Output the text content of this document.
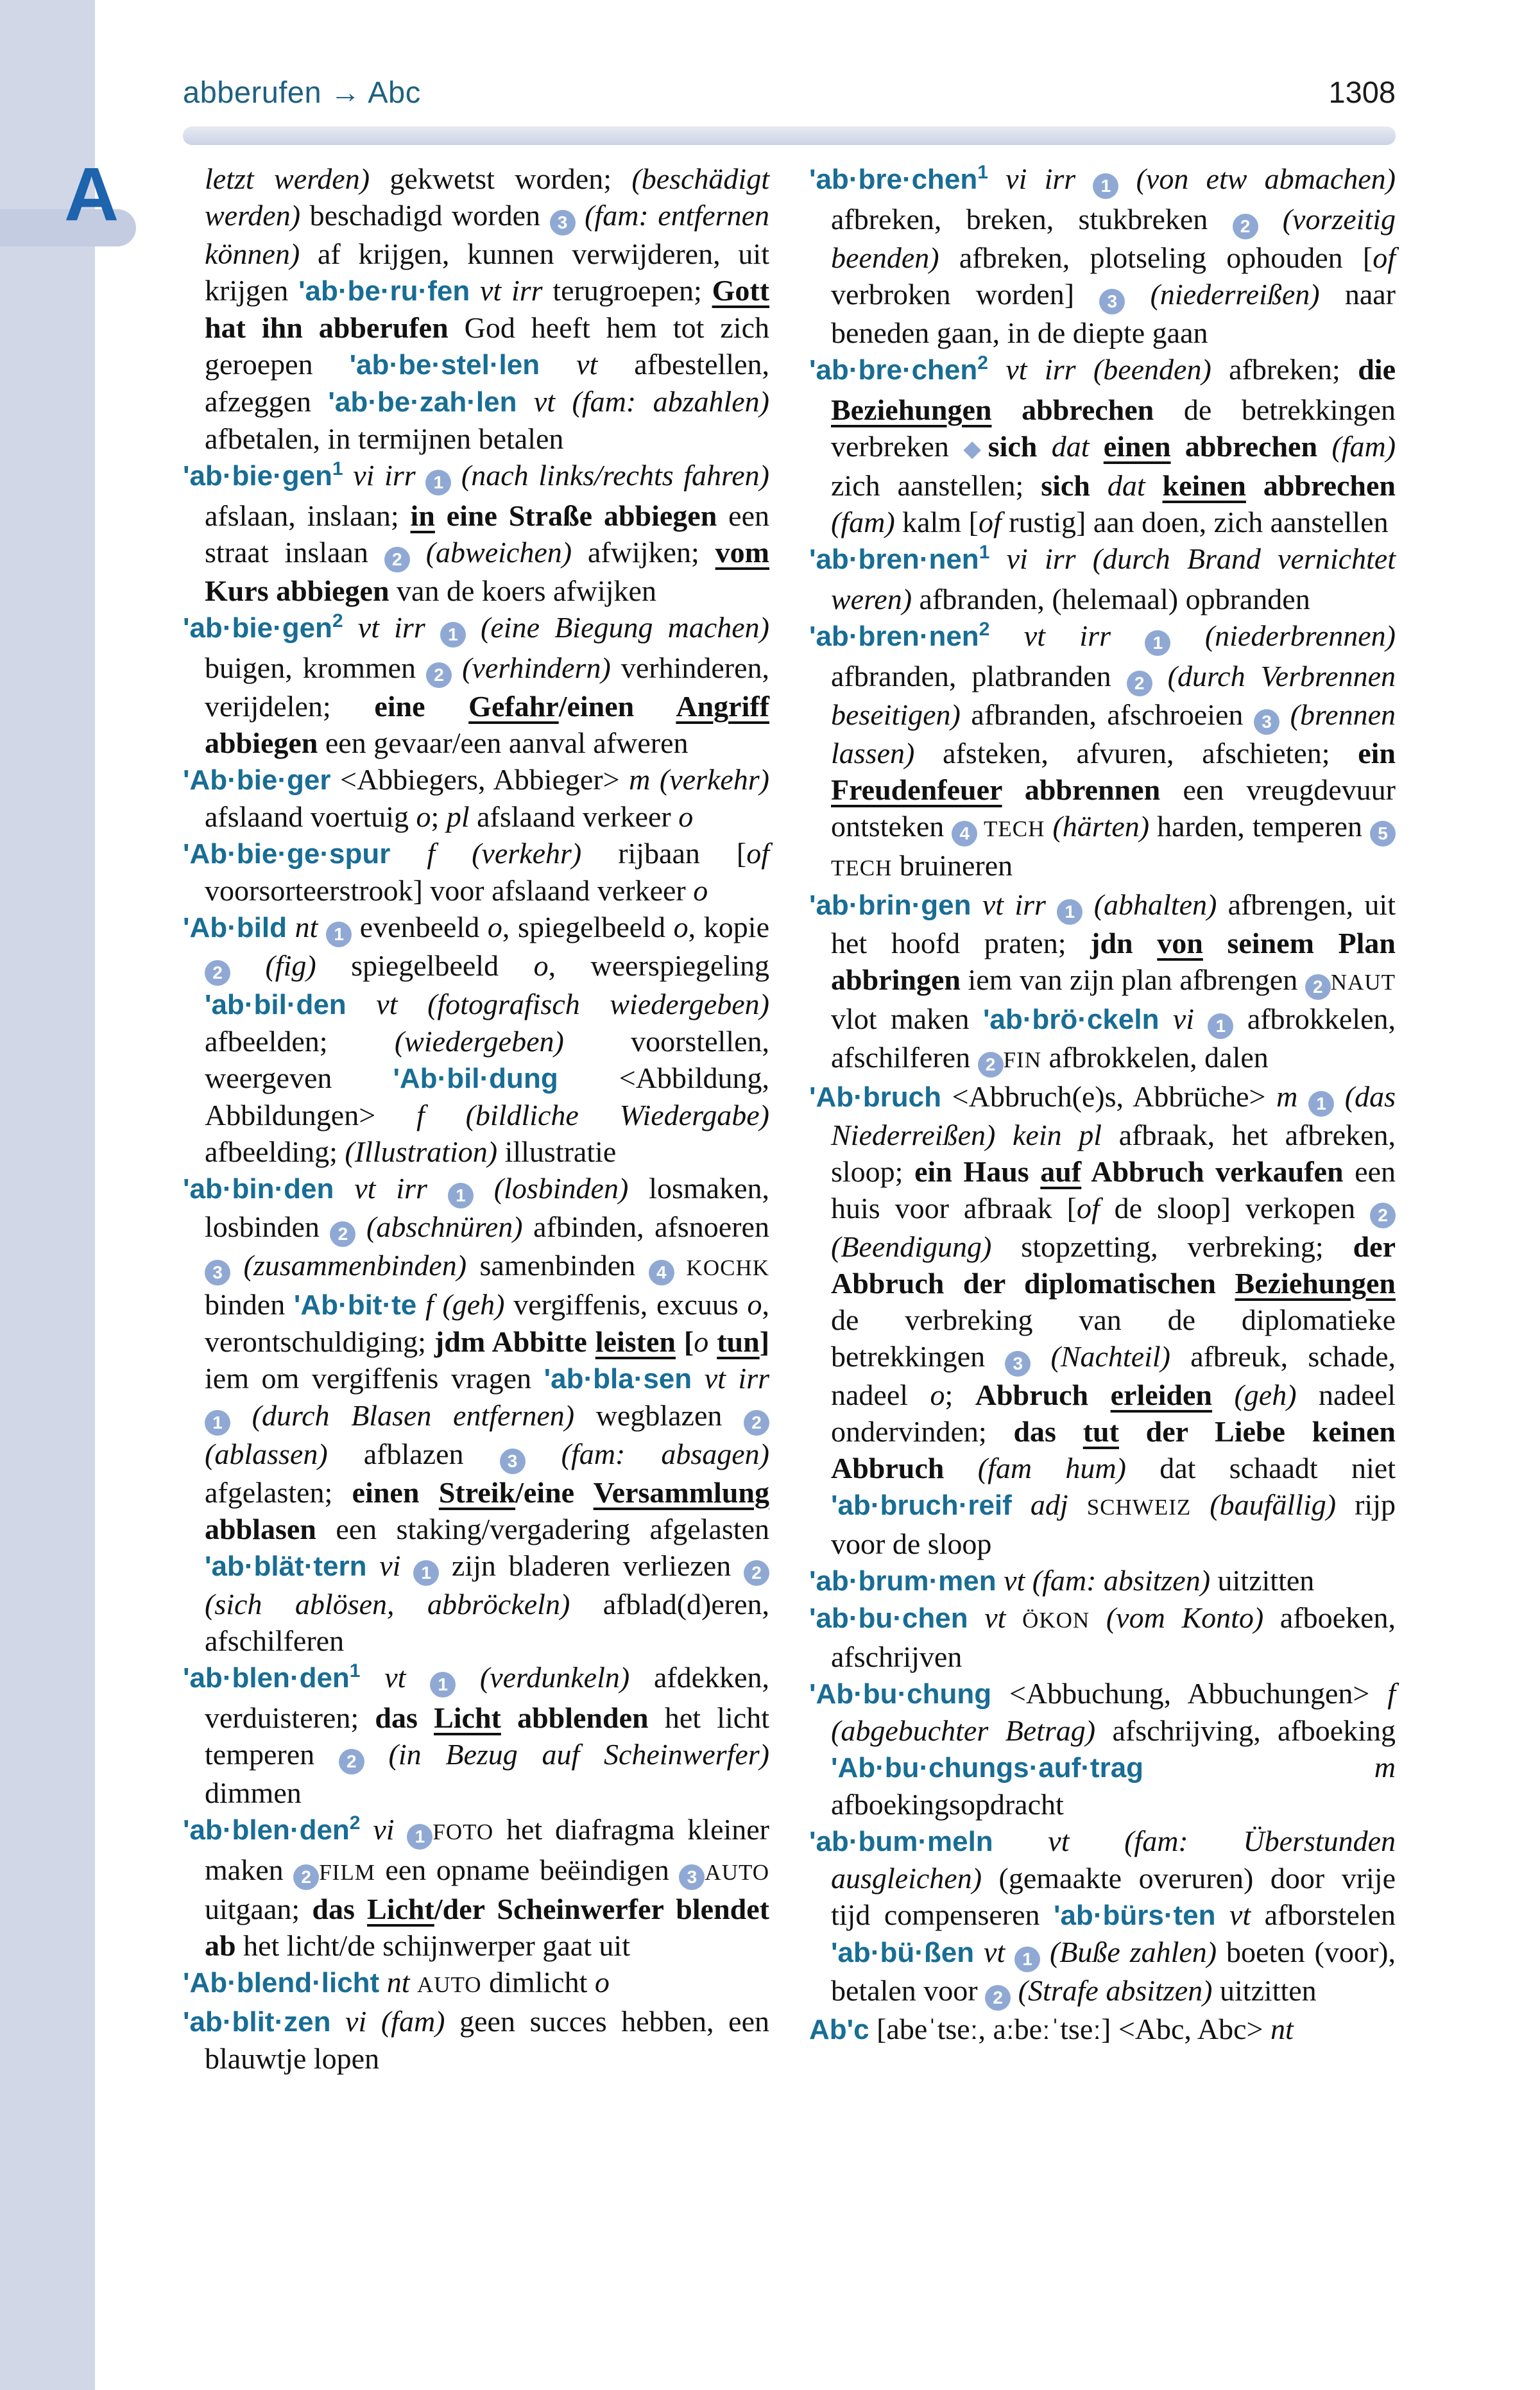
A
abberufen → Abc	1308

letzt werden) gekwetst worden; (beschädigt werden) beschadigd worden 3 (fam: entfernen können) af krijgen, kunnen verwijderen, uit krijgen 'ab·be·ru·fen vt irr terugroepen; Gott hat ihn abberufen God heeft hem tot zich geroepen 'ab·be·stel·len vt afbestellen, afzeggen 'ab·be·zah·len vt (fam: abzahlen) afbetalen, in termijnen betalen

'ab·bie·gen$^1$ vi irr 1 (nach links/rechts fahren) afslaan, inslaan; in eine Straße abbiegen een straat inslaan 2 (abweichen) afwijken; vom Kurs abbiegen van de koers afwijken

'ab·bie·gen$^2$ vt irr 1 (eine Biegung machen) buigen, krommen 2 (verhindern) verhinderen, verijdelen; eine Gefahr/einen Angriff abbiegen een gevaar/een aanval afweren

'Ab·bie·ger <Abbiegers, Abbieger> m (verkehr) afslaand voertuig o; pl afslaand verkeer o

'Ab·bie·ge·spur f (verkehr) rijbaan [of voorsorteerstrook] voor afslaand verkeer o

'Ab·bild nt 1 evenbeeld o, spiegelbeeld o, kopie 2 (fig) spiegelbeeld o, weerspiegeling 'ab·bil·den vt (fotografisch wiedergeben) afbeelden; (wiedergeben) voorstellen, weergeven 'Ab·bil·dung <Abbildung, Abbildungen> f (bildliche Wiedergabe) afbeelding; (Illustration) illustratie

'ab·bin·den vt irr 1 (losbinden) losmaken, losbinden 2 (abschnüren) afbinden, afsnoeren 3 (zusammenbinden) samenbinden 4 KOCHK binden 'Ab·bit·te f (geh) vergiffenis, excuus o, verontschuldiging; jdm Abbitte leisten [o tun] iem om vergiffenis vragen 'ab·bla·sen vt irr 1 (durch Blasen entfernen) wegblazen 2 (ablassen) afblazen 3 (fam: absagen) afgelasten; einen Streik/eine Versammlung abblasen een staking/vergadering afgelasten 'ab·blät·tern vi 1 zijn bladeren verliezen 2 (sich ablösen, abbröckeln) afblad(d)eren, afschilferen

'ab·blen·den$^1$ vt 1 (verdunkeln) afdekken, verduisteren; das Licht abblenden het licht temperen 2 (in Bezug auf Scheinwerfer) dimmen

'ab·blen·den$^2$ vi 1 FOTO het diafragma kleiner maken 2 FILM een opname beëindigen 3 AUTO uitgaan; das Licht/der Scheinwerfer blendet ab het licht/de schijnwerper gaat uit

'Ab·blend·licht nt AUTO dimlicht o

'ab·blit·zen vi (fam) geen succes hebben, een blauwtje lopen

'ab·bre·chen$^1$ vi irr 1 (von etw abmachen) afbreken, breken, stukbreken 2 (vorzeitig beenden) afbreken, plotseling ophouden [of verbroken worden] 3 (niederreißen) naar beneden gaan, in de diepte gaan

'ab·bre·chen$^2$ vt irr (beenden) afbreken; die Beziehungen abbrechen de betrekkingen verbreken ◆sich dat einen abbrechen (fam) zich aanstellen; sich dat keinen abbrechen (fam) kalm [of rustig] aan doen, zich aanstellen

'ab·bren·nen$^1$ vi irr (durch Brand vernichtet weren) afbranden, (helemaal) opbranden

'ab·bren·nen$^2$ vt irr 1 (niederbrennen) afbranden, platbranden 2 (durch Verbrennen beseitigen) afbranden, afschroeien 3 (brennen lassen) afsteken, afvuren, afschieten; ein Freudenfeuer abbrennen een vreugdevuur ontsteken 4 TECH (härten) harden, temperen 5 TECH bruineren

'ab·brin·gen vt irr 1 (abhalten) afbrengen, uit het hoofd praten; jdn von seinem Plan abbringen iem van zijn plan afbrengen 2 NAUT vlot maken 'ab·brö·ckeln vi 1 afbrokkelen, afschilferen 2 FIN afbrokkelen, dalen

'Ab·bruch <Abbruch(e)s, Abbrüche> m 1 (das Niederreißen) kein pl afbraak, het afbreken, sloop; ein Haus auf Abbruch verkaufen een huis voor afbraak [of de sloop] verkopen 2 (Beendigung) stopzetting, verbreking; der Abbruch der diplomatischen Beziehungen de verbreking van de diplomatieke betrekkingen 3 (Nachteil) afbreuk, schade, nadeel o; Abbruch erleiden (geh) nadeel ondervinden; das tut der Liebe keinen Abbruch (fam hum) dat schaadt niet 'ab·bruch·reif adj SCHWEIZ (baufällig) rijp voor de sloop

'ab·brum·men vt (fam: absitzen) uitzitten

'ab·bu·chen vt ÖKON (vom Konto) afboeken, afschrijven

'Ab·bu·chung <Abbuchung, Abbuchungen> f (abgebuchter Betrag) afschrijving, afboeking 'Ab·bu·chungs·auf·trag m afboekingsopdracht

'ab·bum·meln vt (fam: Überstunden ausgleichen) (gemaakte overuren) door vrije tijd compenseren 'ab·bürs·ten vt afborstelen 'ab·bü·ßen vt 1 (Buße zahlen) boeten (voor), betalen voor 2 (Strafe absitzen) uitzitten

Ab'c [abeˈtseː, aːbeːˈtseː] <Abc, Abc> nt
